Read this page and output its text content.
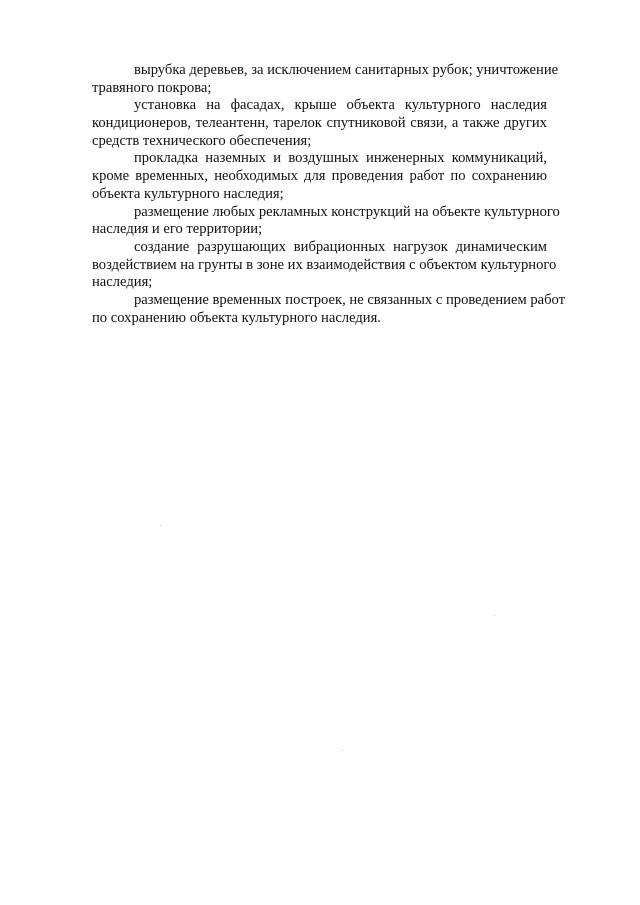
вырубка деревьев, за исключением санитарных рубок; уничтожение
травяного покрова;
установка на фасадах, крыше объекта культурного наследия
кондиционеров, телеантенн, тарелок спутниковой связи, а также других
средств технического обеспечения;
прокладка наземных и воздушных инженерных коммуникаций,
кроме временных, необходимых для проведения работ по сохранению
объекта культурного наследия;
размещение любых рекламных конструкций на объекте культурного
наследия и его территории;
создание разрушающих вибрационных нагрузок динамическим
воздействием на грунты в зоне их взаимодействия с объектом культурного
наследия;
размещение временных построек, не связанных с проведением работ
по сохранению объекта культурного наследия.
